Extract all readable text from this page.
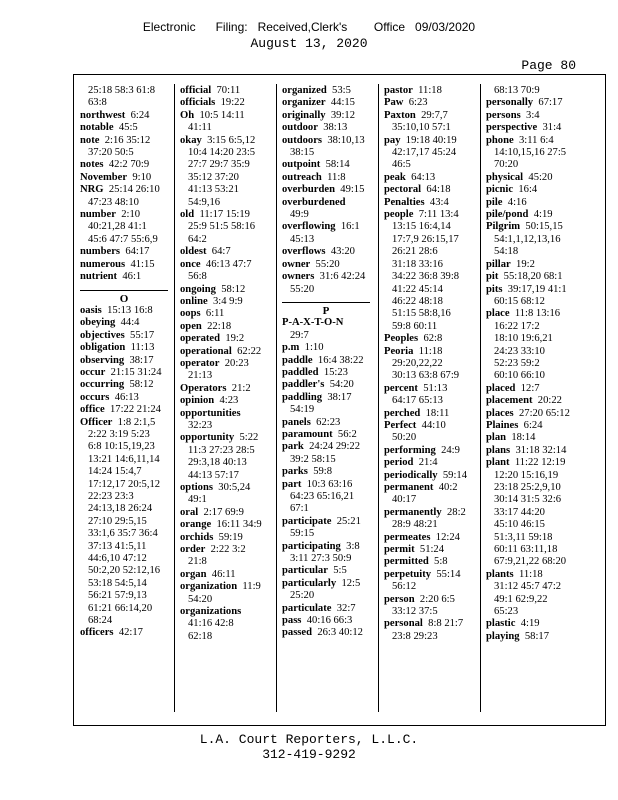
Electronic      Filing:   Received,Clerk's        Office   09/03/2020
August 13, 2020
Page 80
25:18 58:3 61:8
63:8
northwest 6:24
notable 45:5
note 2:16 35:12
37:20 50:5
notes 42:2 70:9
November 9:10
NRG 25:14 26:10
47:23 48:10
number 2:10
40:21,28 41:1
45:6 47:7 55:6,9
numbers 64:17
numerous 41:15
nutrient 46:1
O
oasis 15:13 16:8
obeying 44:4
objectives 55:17
obligation 11:13
observing 38:17
occur 21:15 31:24
occurring 58:12
occurs 46:13
office 17:22 21:24
Officer 1:8 2:1,5
2:22 3:19 5:23
6:8 10:15,19,23
13:21 14:6,11,14
14:24 15:4,7
17:12,17 20:5,12
22:23 23:3
24:13,18 26:24
27:10 29:5,15
33:1,6 35:7 36:4
37:13 41:5,11
44:6,10 47:12
50:2,20 52:12,16
53:18 54:5,14
56:21 57:9,13
61:21 66:14,20
68:24
officers 42:17
official 70:11
officials 19:22
Oh 10:5 14:11
41:11
okay 3:15 6:5,12
10:4 14:20 23:5
27:7 29:7 35:9
35:12 37:20
41:13 53:21
54:9,16
old 11:17 15:19
25:9 51:5 58:16
64:2
oldest 64:7
once 46:13 47:7
56:8
ongoing 58:12
online 3:4 9:9
oops 6:11
open 22:18
operated 19:2
operational 62:22
operator 20:23
21:13
Operators 21:2
opinion 4:23
opportunities
32:23
opportunity 5:22
11:3 27:23 28:5
29:3,18 40:13
44:13 57:17
options 30:5,24
49:1
oral 2:17 69:9
orange 16:11 34:9
orchids 59:19
order 2:22 3:2
21:8
organ 46:11
organization 11:9
54:20
organizations
41:16 42:8
62:18
organized 53:5
organizer 44:15
originally 39:12
outdoor 38:13
outdoors 38:10,13
38:15
outpoint 58:14
outreach 11:8
overburden 49:15
overburdened
49:9
overflowing 16:1
45:13
overflows 43:20
owner 55:20
owners 31:6 42:24
55:20
P
P-A-X-T-O-N
29:7
p.m 1:10
paddle 16:4 38:22
paddled 15:23
paddler's 54:20
paddling 38:17
54:19
panels 62:23
paramount 56:2
park 24:24 29:22
39:2 58:15
parks 59:8
part 10:3 63:16
64:23 65:16,21
67:1
participate 25:21
59:15
participating 3:8
3:11 27:3 50:9
particular 5:5
particularly 12:5
25:20
particulate 32:7
pass 40:16 66:3
passed 26:3 40:12
pastor 11:18
Paw 6:23
Paxton 29:7,7
35:10,10 57:1
pay 19:18 40:19
42:17,17 45:24
46:5
peak 64:13
pectoral 64:18
Penalties 43:4
people 7:11 13:4
13:15 16:4,14
17:7,9 26:15,17
26:21 28:6
31:18 33:16
34:22 36:8 39:8
41:22 45:14
46:22 48:18
51:15 58:8,16
59:8 60:11
Peoples 62:8
Peoria 11:18
29:20,22,22
30:13 63:8 67:9
percent 51:13
64:17 65:13
perched 18:11
Perfect 44:10
50:20
performing 24:9
period 21:4
periodically 59:14
permanent 40:2
40:17
permanently 28:2
28:9 48:21
permeates 12:24
permit 51:24
permitted 5:8
perpetuity 55:14
56:12
person 2:20 6:5
33:12 37:5
personal 8:8 21:7
23:8 29:23
68:13 70:9
personally 67:17
persons 3:4
perspective 31:4
phone 3:11 6:4
14:10,15,16 27:5
70:20
physical 45:20
picnic 16:4
pile 4:16
pile/pond 4:19
Pilgrim 50:15,15
54:1,1,12,13,16
54:18
pillar 19:2
pit 55:18,20 68:1
pits 39:17,19 41:1
60:15 68:12
place 11:8 13:16
16:22 17:2
18:10 19:6,21
24:23 33:10
52:23 59:2
60:10 66:10
placed 12:7
placement 20:22
places 27:20 65:12
Plaines 6:24
plan 18:14
plans 31:18 32:14
plant 11:22 12:19
12:20 15:16,19
23:18 25:2,9,10
30:14 31:5 32:6
33:17 44:20
45:10 46:15
51:3,11 59:18
60:11 63:11,18
67:9,21,22 68:20
plants 11:18
31:12 45:7 47:2
49:1 62:9,22
65:23
plastic 4:19
playing 58:17
L.A. Court Reporters, L.L.C.
312-419-9292
